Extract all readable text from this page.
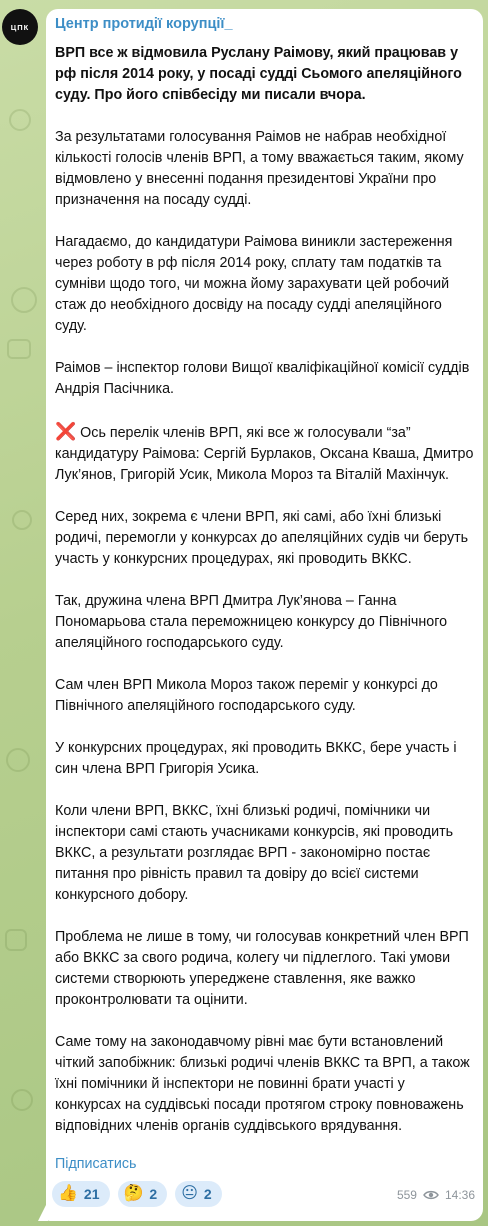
ЦПК Центр протидії корупції_

ВРП все ж відмовила Руслану Раімову, який працював у рф після 2014 року, у посаді судді Сьомого апеляційного суду. Про його співбесіду ми писали вчора.

За результатами голосування Раімов не набрав необхідної кількості голосів членів ВРП, а тому вважається таким, якому відмовлено у внесенні подання президентові України про призначення на посаду судді.

Нагадаємо, до кандидатури Раімова виникли застереження через роботу в рф після 2014 року, сплату там податків та сумніви щодо того, чи можна йому зарахувати цей робочий стаж до необхідного досвіду на посаду судді апеляційного суду.

Раімов – інспектор голови Вищої кваліфікаційної комісії суддів Андрія Пасічника.

❌ Ось перелік членів ВРП, які все ж голосували “за” кандидатуру Раімова: Сергій Бурлаков, Оксана Кваша, Дмитро Лук’янов, Григорій Усик, Микола Мороз та Віталій Махінчук.

Серед них, зокрема є члени ВРП, які самі, або їхні близькі родичі, перемогли у конкурсах до апеляційних судів чи беруть участь у конкурсних процедурах, які проводить ВККС.

Так, дружина члена ВРП Дмитра Лук’янова – Ганна Пономарьова стала переможницею конкурсу до Північного апеляційного господарського суду.

Сам член ВРП Микола Мороз також переміг у конкурсі до Північного апеляційного господарського суду.

У конкурсних процедурах, які проводить ВККС, бере участь і син члена ВРП Григорія Усика.

Коли члени ВРП, ВККС, їхні близькі родичі, помічники чи інспектори самі стають учасниками конкурсів, які проводить ВККС, а результати розглядає ВРП - закономірно постає питання про рівність правил та довіру до всієї системи конкурсного добору.

Проблема не лише в тому, чи голосував конкретний член ВРП або ВККС за свого родича, колегу чи підлеглого. Такі умови системи створюють упереджене ставлення, яке важко проконтролювати та оцінити.

Саме тому на законодавчому рівні має бути встановлений чіткий запобіжник: близькі родичі членів ВККС та ВРП, а також їхні помічники й інспектори не повинні брати участі у конкурсах на суддівські посади протягом строку повноважень відповідних членів органів суддівського врядування.

Підписатись
👍 21 🤔 2 😐 2	559 14:36
